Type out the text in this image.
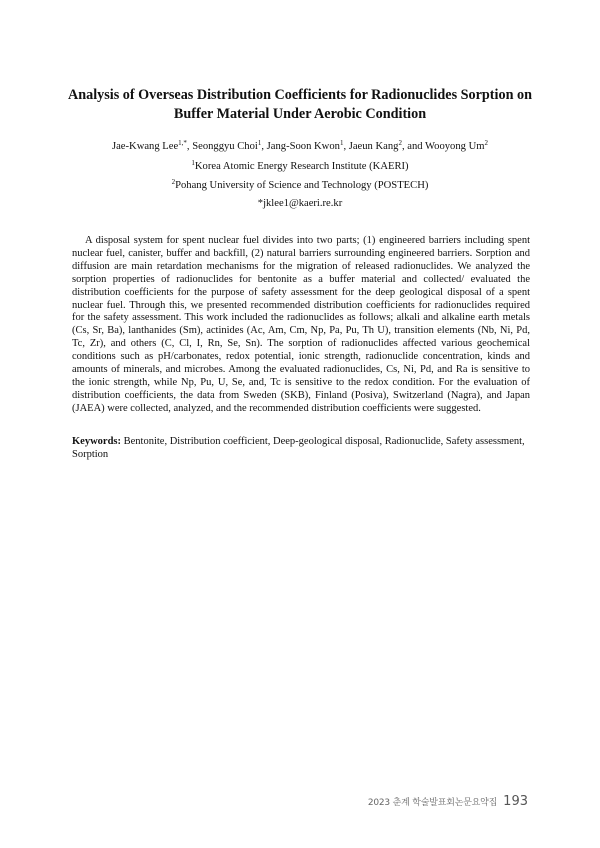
Analysis of Overseas Distribution Coefficients for Radionuclides Sorption on
Buffer Material Under Aerobic Condition
Jae-Kwang Lee$^{1,*}$, Seonggyu Choi$^1$, Jang-Soon Kwon$^1$, Jaeun Kang$^2$, and Wooyong Um$^2$
$^1$Korea Atomic Energy Research Institute (KAERI)
$^2$Pohang University of Science and Technology (POSTECH)
*jklee1@kaeri.re.kr

A disposal system for spent nuclear fuel divides into two parts; (1) engineered barriers including spent nuclear fuel, canister, buffer and backfill, (2) natural barriers surrounding engineered barriers. Sorption and diffusion are main retardation mechanisms for the migration of released radionuclides. We analyzed the sorption properties of radionuclides for bentonite as a buffer material and collected/ evaluated the distribution coefficients for the purpose of safety assessment for the deep geological disposal of a spent nuclear fuel. Through this, we presented recommended distribution coefficients for radionuclides required for the safety assessment. This work included the radionuclides as follows; alkali and alkaline earth metals (Cs, Sr, Ba), lanthanides (Sm), actinides (Ac, Am, Cm, Np, Pa, Pu, Th U), transition elements (Nb, Ni, Pd, Tc, Zr), and others (C, Cl, I, Rn, Se, Sn). The sorption of radionuclides affected various geochemical conditions such as pH/carbonates, redox potential, ionic strength, radionuclide concentration, kinds and amounts of minerals, and microbes. Among the evaluated radionuclides, Cs, Ni, Pd, and Ra is sensitive to the ionic strength, while Np, Pu, U, Se, and, Tc is sensitive to the redox condition. For the evaluation of distribution coefficients, the data from Sweden (SKB), Finland (Posiva), Switzerland (Nagra), and Japan (JAEA) were collected, analyzed, and the recommended distribution coefficients were suggested.

Keywords: Bentonite, Distribution coefficient, Deep-geological disposal, Radionuclide, Safety assessment, Sorption

2023 춘계 학술발표회논문요약집 193
